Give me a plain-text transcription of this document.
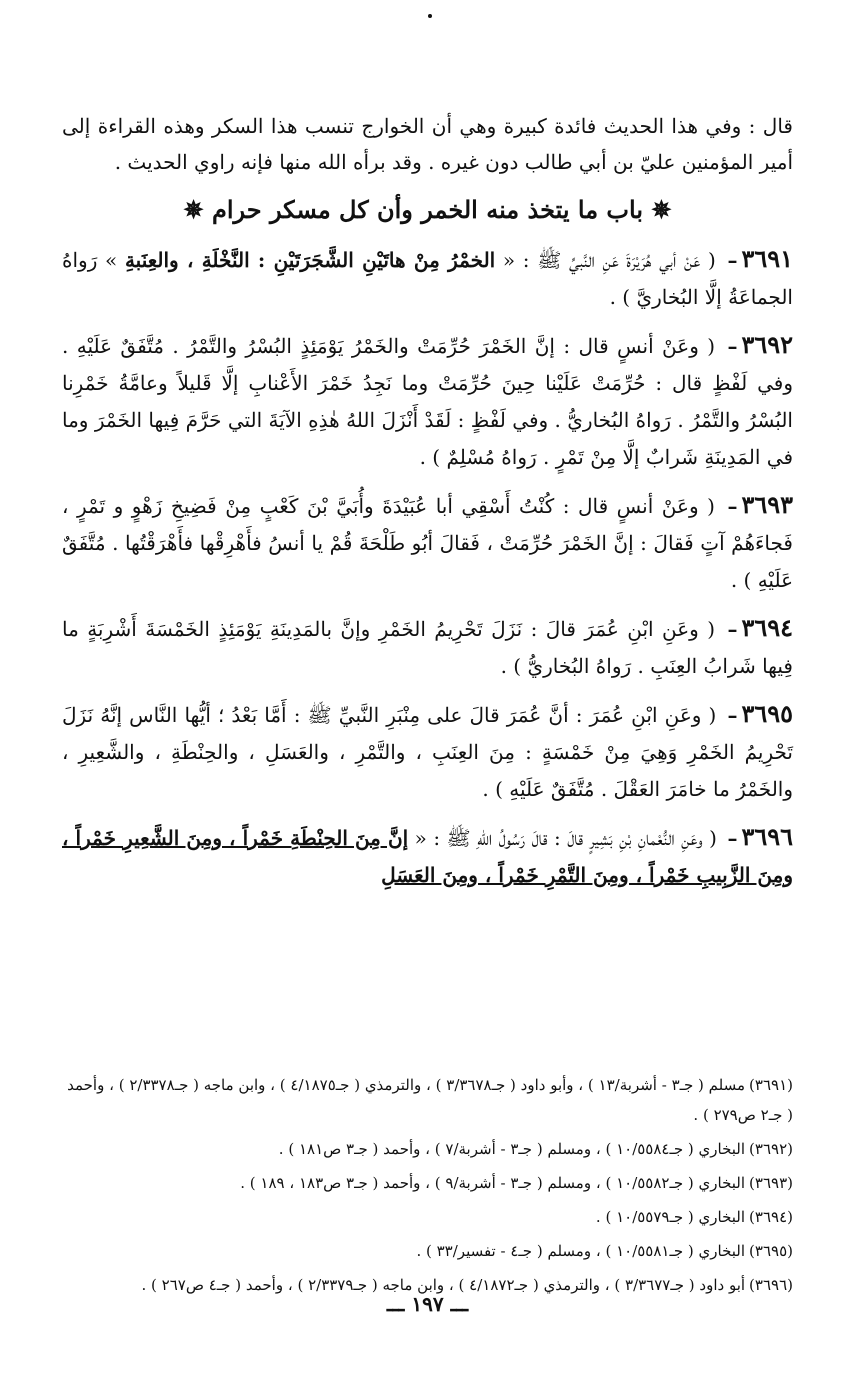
قال : وفي هذا الحديث فائدة كبيرة وهي أن الخوارج تنسب هذا السكر وهذه القراءة إلى أمير المؤمنين عليّ بن أبي طالب دون غيره . وقد برأه الله منها فإنه راوي الحديث .

✵ باب ما يتخذ منه الخمر وأن كل مسكر حرام ✵

٣٦٩١– ( عَنْ أبي هُرَيْرَةَ عَنِ النَّبيِّ ﷺ : « الخمْرُ مِنْ هاتَيْنِ الشَّجَرَتَيْنِ : النَّخْلَةِ ، والعِنَبةِ » رَواهُ الجماعَةُ إلَّا البُخاريَّ ) .

٣٦٩٢– ( وعَنْ أنسٍ قال : إنَّ الخَمْرَ حُرِّمَتْ والخَمْرُ يَوْمَئِذٍ البُسْرُ والتَّمْرُ . مُتَّفَقٌ عَلَيْهِ . وفي لَفْظٍ قال : حُرِّمَتْ عَلَيْنا حِينَ حُرِّمَتْ وما نَجِدُ خَمْرَ الأَعْنابِ إلَّا قَليلاً وعامَّةُ خَمْرِنا البُسْرُ والتَّمْرُ . رَواهُ البُخاريُّ . وفي لَفْظٍ : لَقَدْ أَنْزَلَ اللهُ هٰذِهِ الآيَةَ التي حَرَّمَ فِيها الخَمْرَ وما في المَدِينَةِ شَرابٌ إلَّا مِنْ تَمْرٍ . رَواهُ مُسْلِمٌ ) .

٣٦٩٣– ( وعَنْ أنسٍ قال : كُنْتُ أَسْقِي أبا عُبَيْدَةَ وأُبَيَّ بْنَ كَعْبٍ مِنْ فَضِيخِ زَهْوٍ و تَمْرٍ ، فَجاءَهُمْ آتٍ فَقالَ : إنَّ الخَمْرَ حُرِّمَتْ ، فَقالَ أبُو طَلْحَةَ قُمْ يا أنسُ فأَهْرِقْها فأَهْرَقْتُها . مُتَّفَقٌ عَلَيْهِ ) .

٣٦٩٤– ( وعَنِ ابْنِ عُمَرَ قالَ : نَزَلَ تَحْرِيمُ الخَمْرِ وإنَّ بالمَدِينَةِ يَوْمَئِذٍ الخَمْسَةَ أَشْرِبَةٍ ما فِيها شَرابُ العِنَبِ . رَواهُ البُخاريُّ ) .

٣٦٩٥– ( وعَنِ ابْنِ عُمَرَ : أنَّ عُمَرَ قالَ على مِنْبَرِ النَّبيِّ ﷺ : أَمَّا بَعْدُ ؛ أيُّها النَّاس إنَّهُ نَزَلَ تَحْرِيمُ الخَمْرِ وَهِيَ مِنْ خَمْسَةٍ : مِنَ العِنَبِ ، والتَّمْرِ ، والعَسَلِ ، والحِنْطَةِ ، والشَّعِيرِ ، والخَمْرُ ما خامَرَ العَقْلَ . مُتَّفَقٌ عَلَيْهِ ) .

٣٦٩٦– ( وعَنِ النُّعْمانِ بْنِ بَشِيرٍ قالَ : قالَ رَسُولُ اللهِ ﷺ : « إنَّ مِنَ الحِنْطَةِ خَمْراً ، ومِنَ الشَّعِيرِ خَمْراً ، ومِنَ الزَّبِيبِ خَمْراً ، ومِنَ التَّمْرِ خَمْراً ، ومِنَ العَسَلِ

(٣٦٩١)مسلم ( جـ٣ - أشربة/١٣ ) ، وأبو داود ( جـ٣/٣٦٧٨ ) ، والترمذي ( جـ٤/١٨٧٥ ) ، وابن ماجه ( جـ٢/٣٣٧٨ ) ، وأحمد ( جـ٢ ص٢٧٩ ) .
(٣٦٩٢)البخاري ( جـ١٠/٥٥٨٤ ) ، ومسلم ( جـ٣ - أشربة/٧ ) ، وأحمد ( جـ٣ ص١٨١ ) .
(٣٦٩٣)البخاري ( جـ١٠/٥٥٨٢ ) ، ومسلم ( جـ٣ - أشربة/٩ ) ، وأحمد ( جـ٣ ص١٨٣ ، ١٨٩ ) .
(٣٦٩٤)البخاري ( جـ١٠/٥٥٧٩ ) .
(٣٦٩٥)البخاري ( جـ١٠/٥٥٨١ ) ، ومسلم ( جـ٤ - تفسير/٣٣ ) .
(٣٦٩٦)أبو داود ( جـ٣/٣٦٧٧ ) ، والترمذي ( جـ٤/١٨٧٢ ) ، وابن ماجه ( جـ٢/٣٣٧٩ ) ، وأحمد ( جـ٤ ص٢٦٧ ) .
ـــ ١٩٧ ـــ
